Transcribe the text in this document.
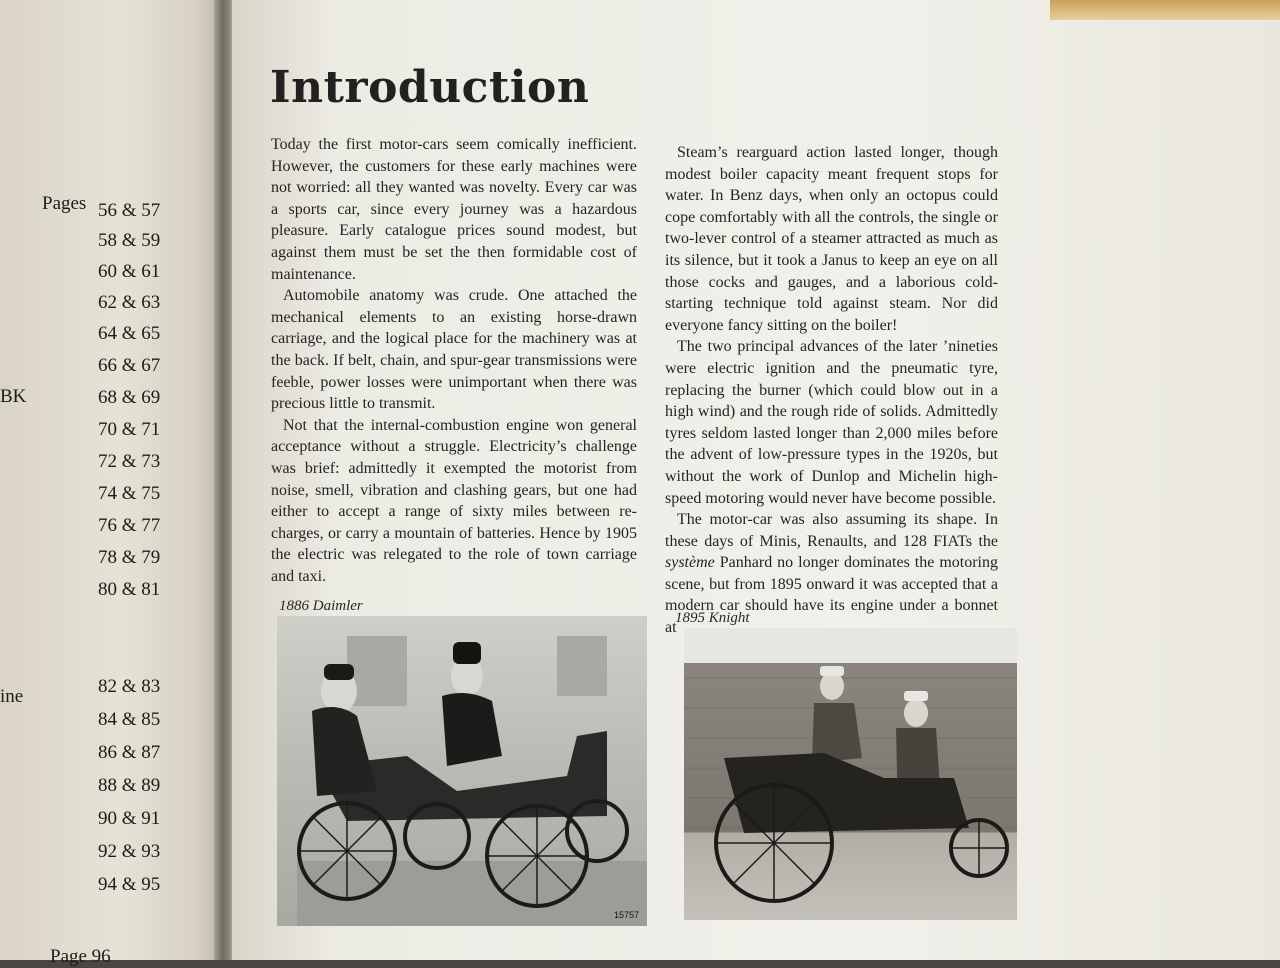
Pages 56 & 57
58 & 59
60 & 61
62 & 63
64 & 65
66 & 67
68 & 69
70 & 71
72 & 73
74 & 75
76 & 77
78 & 79
80 & 81
82 & 83
84 & 85
86 & 87
88 & 89
90 & 91
92 & 93
94 & 95
BK
ine
Page 96
Introduction

Today the first motor-cars seem comically inefficient. However, the customers for these early machines were not worried: all they wanted was novelty. Every car was a sports car, since every journey was a hazardous pleasure. Early catalogue prices sound modest, but against them must be set the then formidable cost of maintenance.

Automobile anatomy was crude. One attached the mechanical elements to an existing horse-drawn carriage, and the logical place for the machinery was at the back. If belt, chain, and spur-gear transmissions were feeble, power losses were unimportant when there was precious little to transmit.

Not that the internal-combustion engine won general acceptance without a struggle. Electricity’s challenge was brief: admittedly it exempted the motorist from noise, smell, vibration and clashing gears, but one had either to accept a range of sixty miles between re-charges, or carry a mountain of batteries. Hence by 1905 the electric was relegated to the role of town carriage and taxi.

Steam’s rearguard action lasted longer, though modest boiler capacity meant frequent stops for water. In Benz days, when only an octopus could cope comfortably with all the controls, the single or two-lever control of a steamer attracted as much as its silence, but it took a Janus to keep an eye on all those cocks and gauges, and a laborious cold-starting technique told against steam. Nor did everyone fancy sitting on the boiler!

The two principal advances of the later ’nineties were electric ignition and the pneumatic tyre, replacing the burner (which could blow out in a high wind) and the rough ride of solids. Admittedly tyres seldom lasted longer than 2,000 miles before the advent of low-pressure types in the 1920s, but without the work of Dunlop and Michelin high-speed motoring would never have become possible.

The motor-car was also assuming its shape. In these days of Minis, Renaults, and 128 FIATs the système Panhard no longer dominates the motoring scene, but from 1895 onward it was accepted that a modern car should have its engine under a bonnet at

1886 Daimler
1895 Knight
15757
